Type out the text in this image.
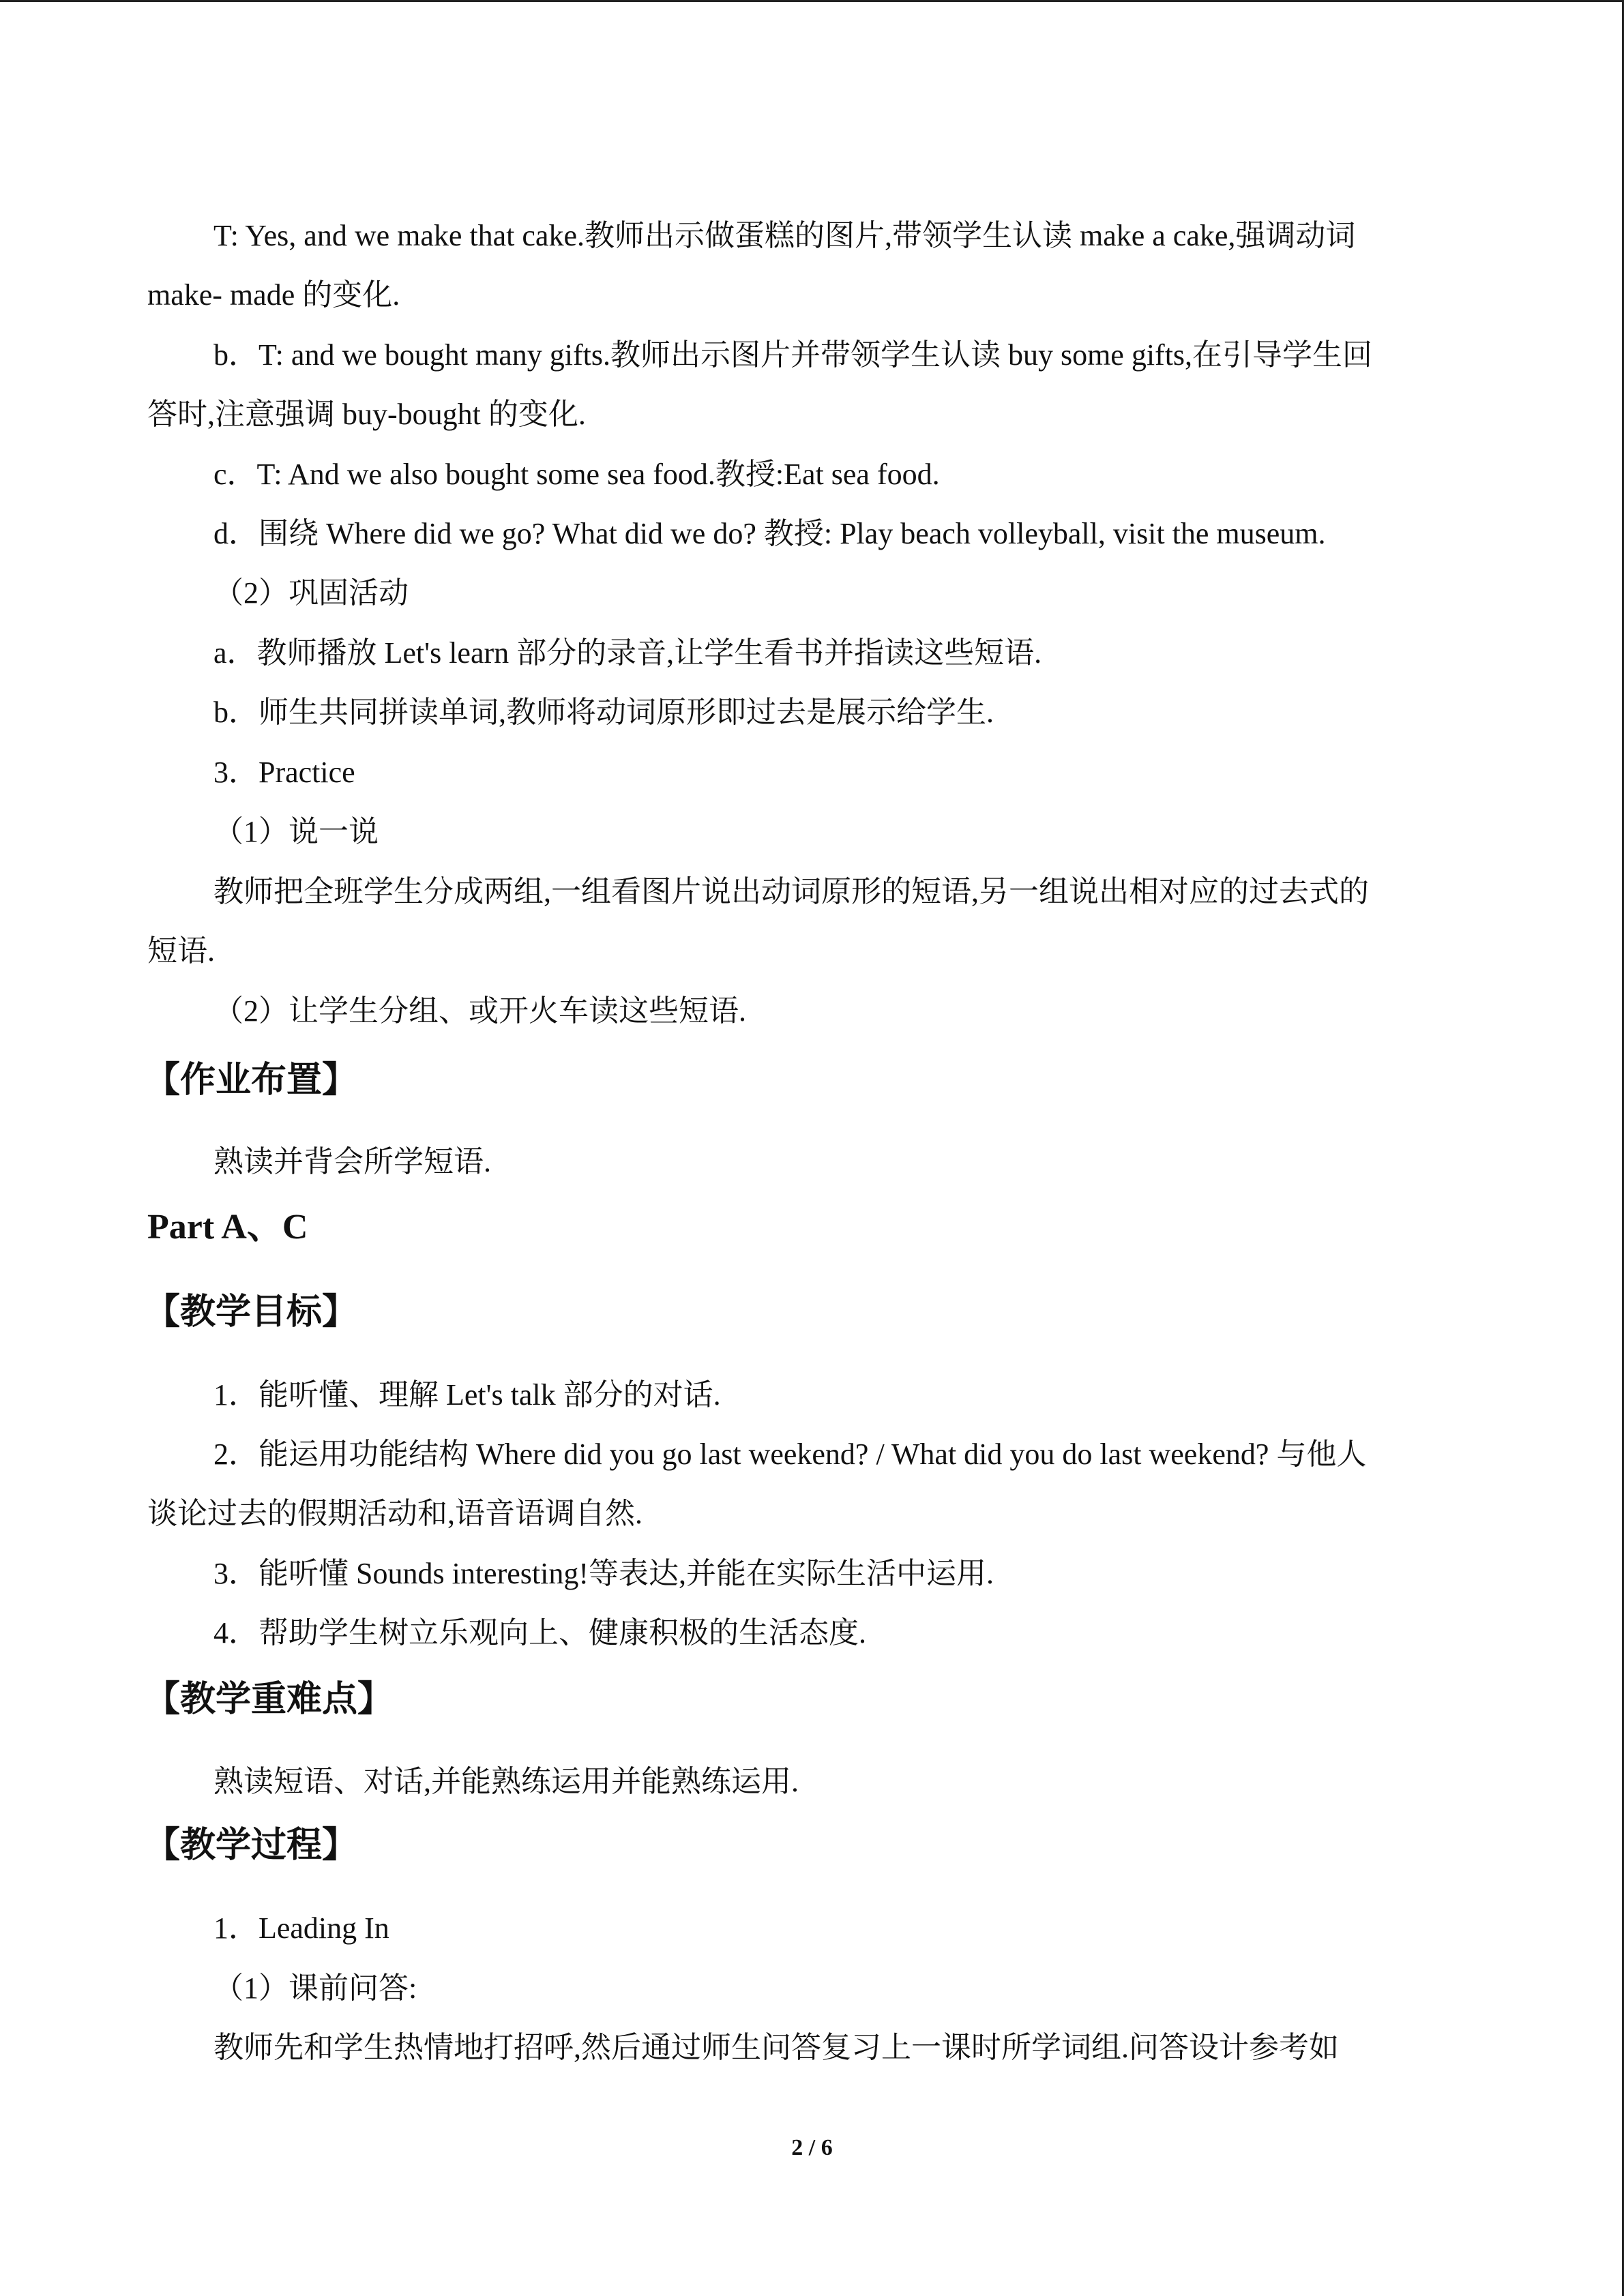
T: Yes, and we make that cake.教师出示做蛋糕的图片,带领学生认读 make a cake,强调动词
make- made 的变化.
b．T: and we bought many gifts.教师出示图片并带领学生认读 buy some gifts,在引导学生回
答时,注意强调 buy-bought 的变化.
c．T: And we also bought some sea food.教授:Eat sea food.
d．围绕 Where did we go? What did we do? 教授: Play beach volleyball, visit the museum.
（2）巩固活动
a．教师播放 Let's learn 部分的录音,让学生看书并指读这些短语.
b．师生共同拼读单词,教师将动词原形即过去是展示给学生.
3．Practice
（1）说一说
教师把全班学生分成两组,一组看图片说出动词原形的短语,另一组说出相对应的过去式的
短语.
（2）让学生分组、或开火车读这些短语.
【作业布置】
熟读并背会所学短语.
Part A、C
【教学目标】
1．能听懂、理解 Let's talk 部分的对话.
2．能运用功能结构 Where did you go last weekend? / What did you do last weekend? 与他人
谈论过去的假期活动和,语音语调自然.
3．能听懂 Sounds interesting!等表达,并能在实际生活中运用.
4．帮助学生树立乐观向上、健康积极的生活态度.
【教学重难点】
熟读短语、对话,并能熟练运用并能熟练运用.
【教学过程】
1．Leading In
（1）课前问答:
教师先和学生热情地打招呼,然后通过师生问答复习上一课时所学词组.问答设计参考如
2 / 6
